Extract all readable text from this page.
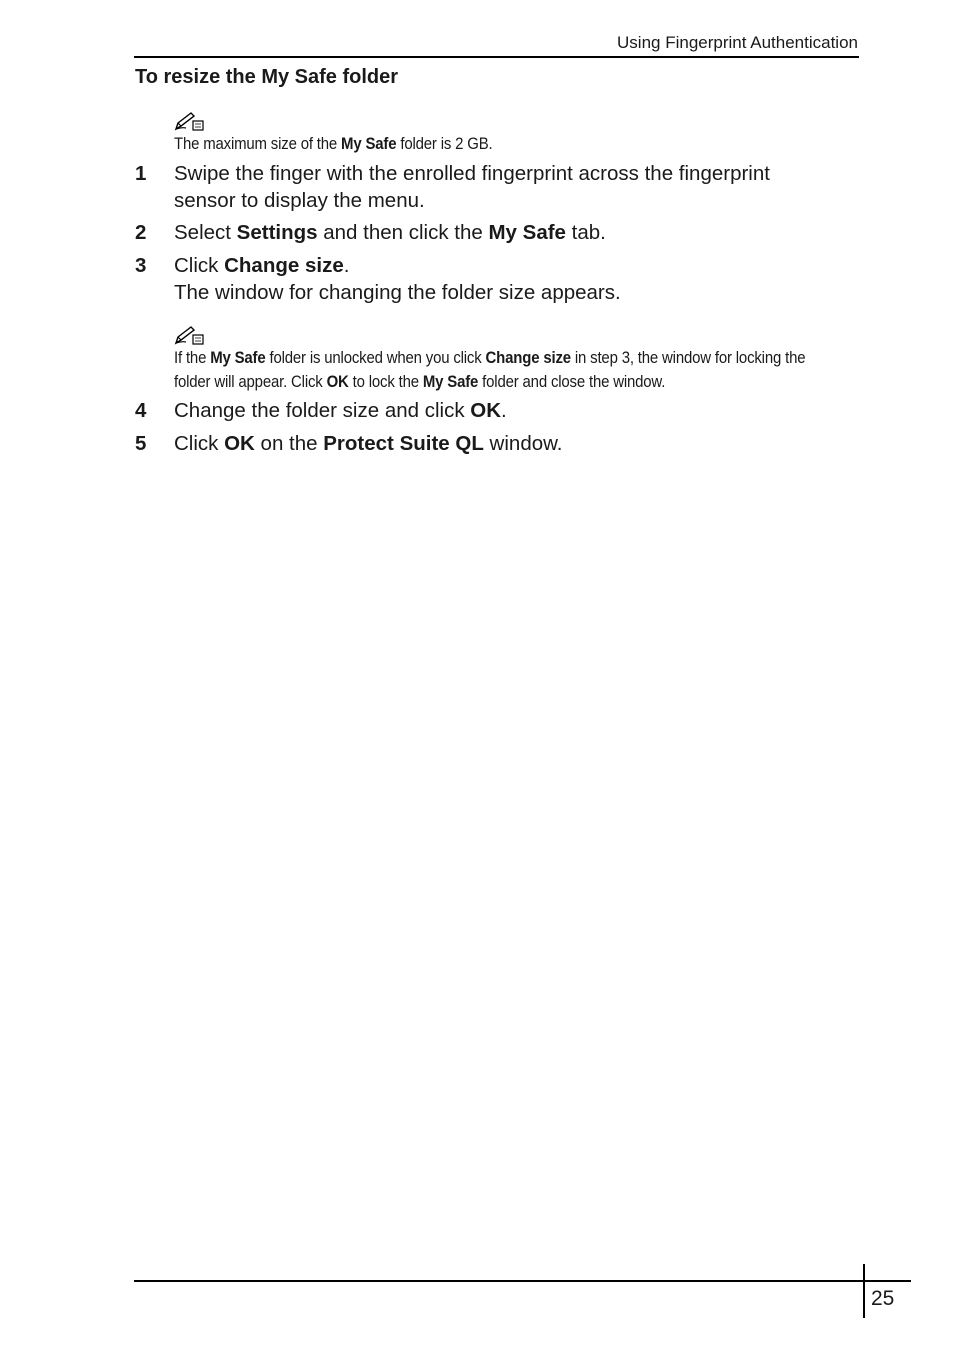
Using Fingerprint Authentication
To resize the My Safe folder
The maximum size of the My Safe folder is 2 GB.
1 Swipe the finger with the enrolled fingerprint across the fingerprint sensor to display the menu.
2 Select Settings and then click the My Safe tab.
3 Click Change size.
The window for changing the folder size appears.
If the My Safe folder is unlocked when you click Change size in step 3, the window for locking the folder will appear. Click OK to lock the My Safe folder and close the window.
4 Change the folder size and click OK.
5 Click OK on the Protect Suite QL window.
25
